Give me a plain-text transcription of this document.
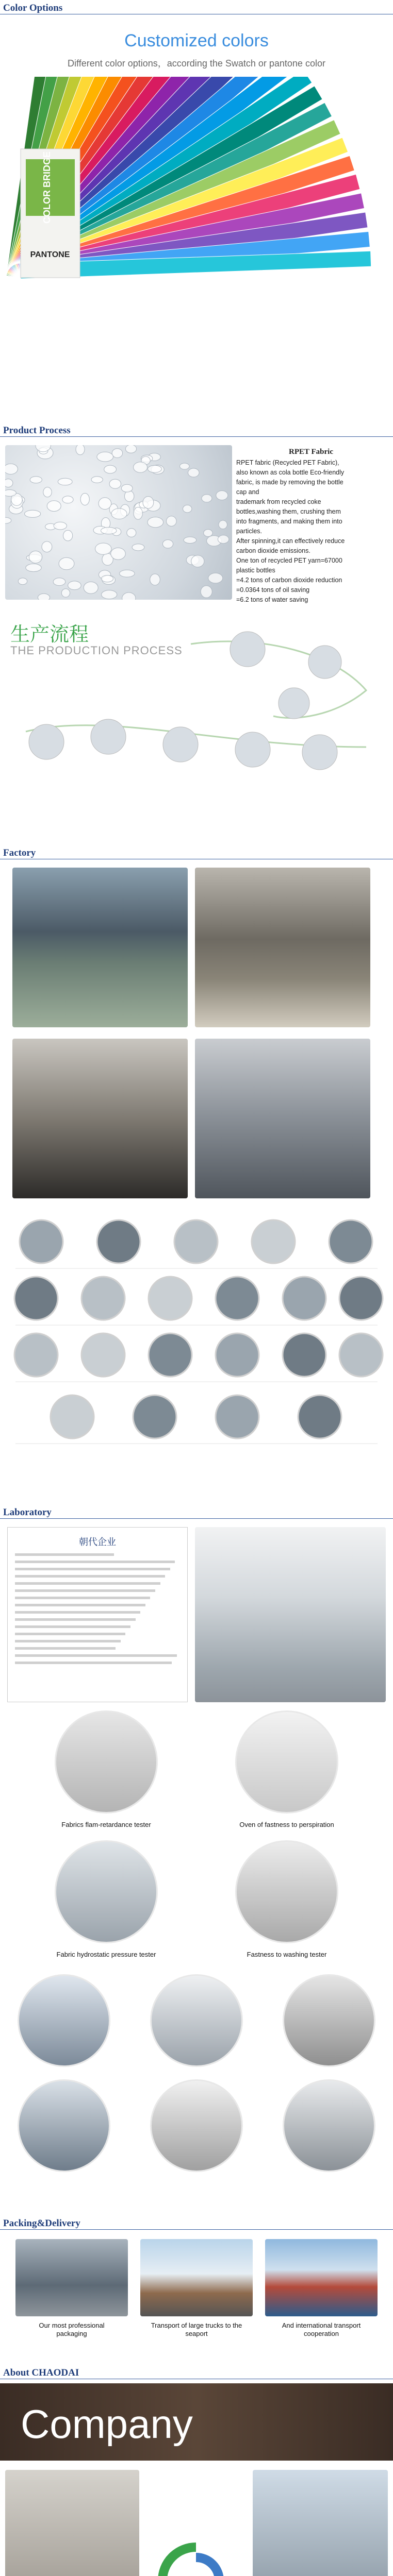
Color Options
Customized colors
Different color options，according the Swatch or pantone color
COLOR BRIDGE
PANTONE
Product Process
RPET Fabric
RPET fabric (Recycled PET Fabric),
also known as cola bottle Eco-friendly
fabric, is made by removing the bottle
cap and
trademark from recycled coke
bottles,washing them, crushing them
into fragments, and making them into
particles.
After spinning,it can effectively reduce
carbon dioxide emissions.
One ton of recycled PET yarn=67000
plastic bottles
=4.2 tons of carbon dioxide reduction
=0.0364 tons of oil saving
=6.2 tons of water saving
生产流程
THE PRODUCTION PROCESS
Factory
Laboratory
朝代企业
Fabrics flam-retardance tester	Oven of fastness to perspiration
Fabric hydrostatic pressure tester	Fastness to washing tester
Packing&Delivery
Our most professional packaging
Transport of large trucks to the seaport
And international transport cooperation
About CHAODAI
Company
